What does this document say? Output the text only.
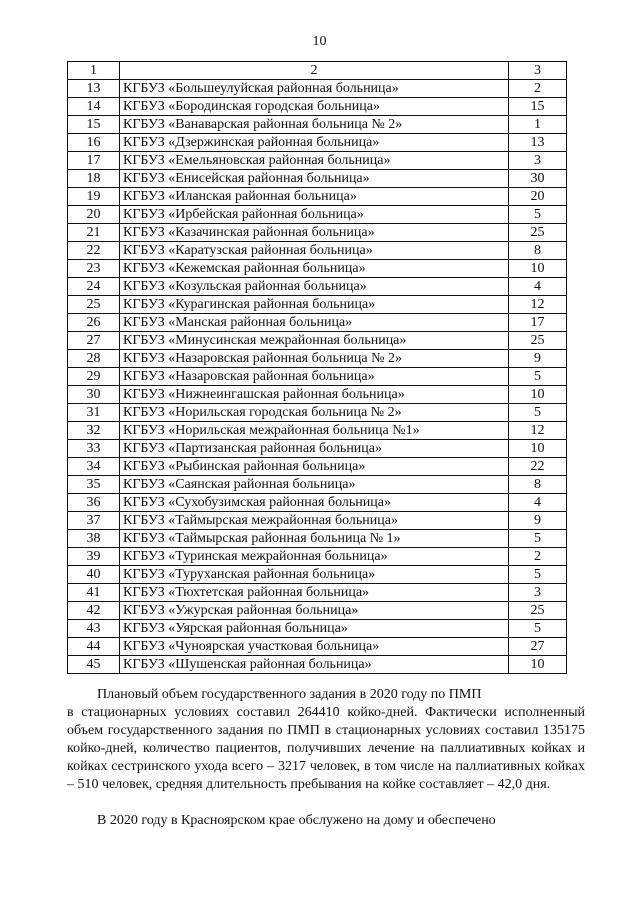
10
1	2	3
13	КГБУЗ «Большеулуйская районная больница»	2
14	КГБУЗ «Бородинская городская больница»	15
15	КГБУЗ «Ванаварская районная больница № 2»	1
16	КГБУЗ «Дзержинская районная больница»	13
17	КГБУЗ «Емельяновская районная больница»	3
18	КГБУЗ «Енисейская районная больница»	30
19	КГБУЗ «Иланская районная больница»	20
20	КГБУЗ «Ирбейская районная больница»	5
21	КГБУЗ «Казачинская районная больница»	25
22	КГБУЗ «Каратузская районная больница»	8
23	КГБУЗ «Кежемская районная больница»	10
24	КГБУЗ «Козульская районная больница»	4
25	КГБУЗ «Курагинская районная больница»	12
26	КГБУЗ «Манская районная больница»	17
27	КГБУЗ «Минусинская межрайонная больница»	25
28	КГБУЗ «Назаровская районная больница № 2»	9
29	КГБУЗ «Назаровская районная больница»	5
30	КГБУЗ «Нижнеингашская районная больница»	10
31	КГБУЗ «Норильская городская больница № 2»	5
32	КГБУЗ «Норильская межрайонная больница №1»	12
33	КГБУЗ «Партизанская районная больница»	10
34	КГБУЗ «Рыбинская районная больница»	22
35	КГБУЗ «Саянская районная больница»	8
36	КГБУЗ «Сухобузимская районная больница»	4
37	КГБУЗ «Таймырская межрайонная больница»	9
38	КГБУЗ «Таймырская районная больница № 1»	5
39	КГБУЗ «Туринская межрайонная больница»	2
40	КГБУЗ «Туруханская районная больница»	5
41	КГБУЗ «Тюхтетская районная больница»	3
42	КГБУЗ «Ужурская районная больница»	25
43	КГБУЗ «Уярская районная больница»	5
44	КГБУЗ «Чуноярская участковая больница»	27
45	КГБУЗ «Шушенская районная больница»	10
Плановый объем государственного задания в 2020 году по ПМП
в стационарных условиях составил 264410 койко-дней. Фактически исполненный объем государственного задания по ПМП в стационарных условиях составил 135175 койко-дней, количество пациентов, получивших лечение на паллиативных койках и койках сестринского ухода всего – 3217 человек, в том числе на паллиативных койках – 510 человек, средняя длительность пребывания на койке составляет – 42,0 дня.
В 2020 году в Красноярском крае обслужено на дому и обеспечено
